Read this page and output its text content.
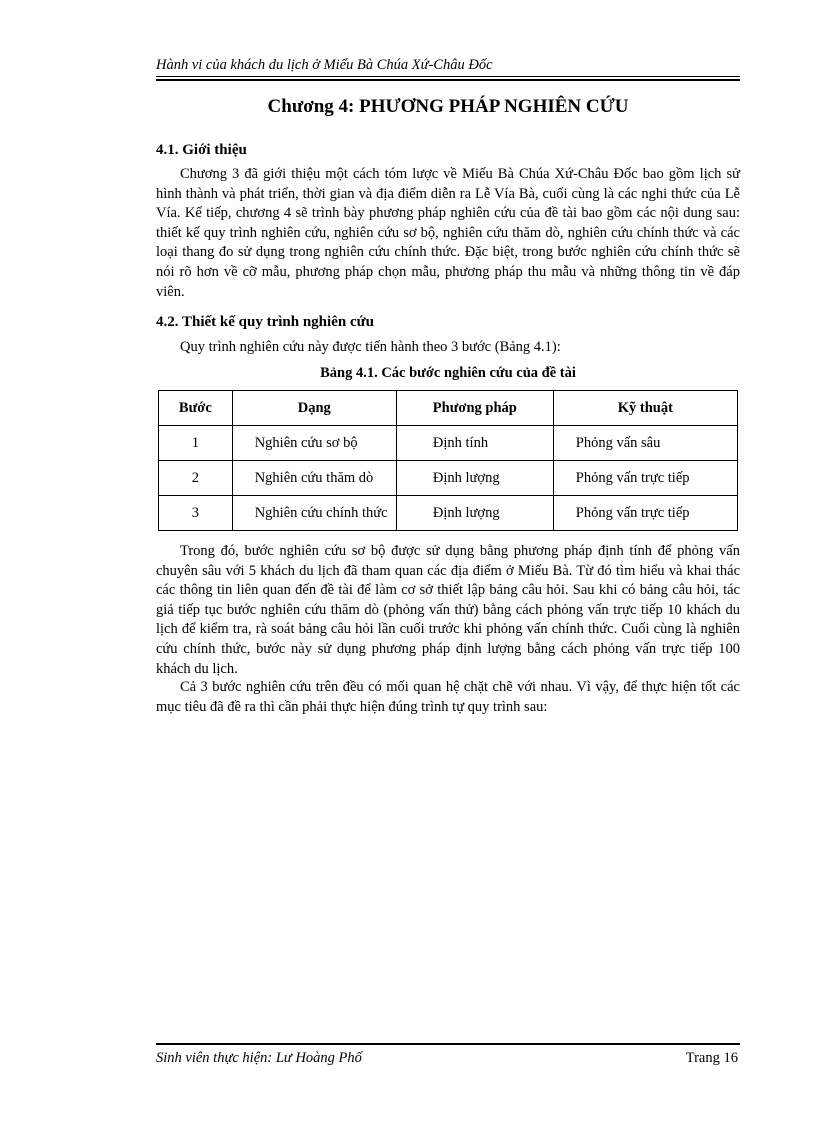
Hành vi của khách du lịch ở Miếu Bà Chúa Xứ-Châu Đốc
Chương 4: PHƯƠNG PHÁP NGHIÊN CỨU
4.1. Giới thiệu

Chương 3 đã giới thiệu một cách tóm lược về Miếu Bà Chúa Xứ-Châu Đốc bao gồm lịch sử hình thành và phát triển, thời gian và địa điểm diễn ra Lễ Vía Bà, cuối cùng là các nghi thức của Lễ Vía. Kế tiếp, chương 4 sẽ trình bày phương pháp nghiên cứu của đề tài bao gồm các nội dung sau: thiết kế quy trình nghiên cứu, nghiên cứu sơ bộ, nghiên cứu thăm dò, nghiên cứu chính thức và các loại thang đo sử dụng trong nghiên cứu chính thức. Đặc biệt, trong bước nghiên cứu chính thức sẽ nói rõ hơn về cỡ mẫu, phương pháp chọn mẫu, phương pháp thu mẫu và những thông tin về đáp viên.

4.2. Thiết kế quy trình nghiên cứu
Quy trình nghiên cứu này được tiến hành theo 3 bước (Bảng 4.1):
Bảng 4.1. Các bước nghiên cứu của đề tài
Bước	Dạng	Phương pháp	Kỹ thuật
1	Nghiên cứu sơ bộ	Định tính	Phỏng vấn sâu
2	Nghiên cứu thăm dò	Định lượng	Phỏng vấn trực tiếp
3	Nghiên cứu chính thức	Định lượng	Phỏng vấn trực tiếp

Trong đó, bước nghiên cứu sơ bộ được sử dụng bằng phương pháp định tính để phỏng vấn chuyên sâu với 5 khách du lịch đã tham quan các địa điểm ở Miếu Bà. Từ đó tìm hiểu và khai thác các thông tin liên quan đến đề tài để làm cơ sở thiết lập bảng câu hỏi. Sau khi có bảng câu hỏi, tác giả tiếp tục bước nghiên cứu thăm dò (phỏng vấn thử) bằng cách phỏng vấn trực tiếp 10 khách du lịch để kiểm tra, rà soát bảng câu hỏi lần cuối trước khi phỏng vấn chính thức. Cuối cùng là nghiên cứu chính thức, bước này sử dụng phương pháp định lượng bằng cách phỏng vấn trực tiếp 100 khách du lịch.

Cả 3 bước nghiên cứu trên đều có mối quan hệ chặt chẽ với nhau. Vì vậy, để thực hiện tốt các mục tiêu đã đề ra thì cần phải thực hiện đúng trình tự quy trình sau:

Sinh viên thực hiện: Lư Hoàng Phố	Trang 16
